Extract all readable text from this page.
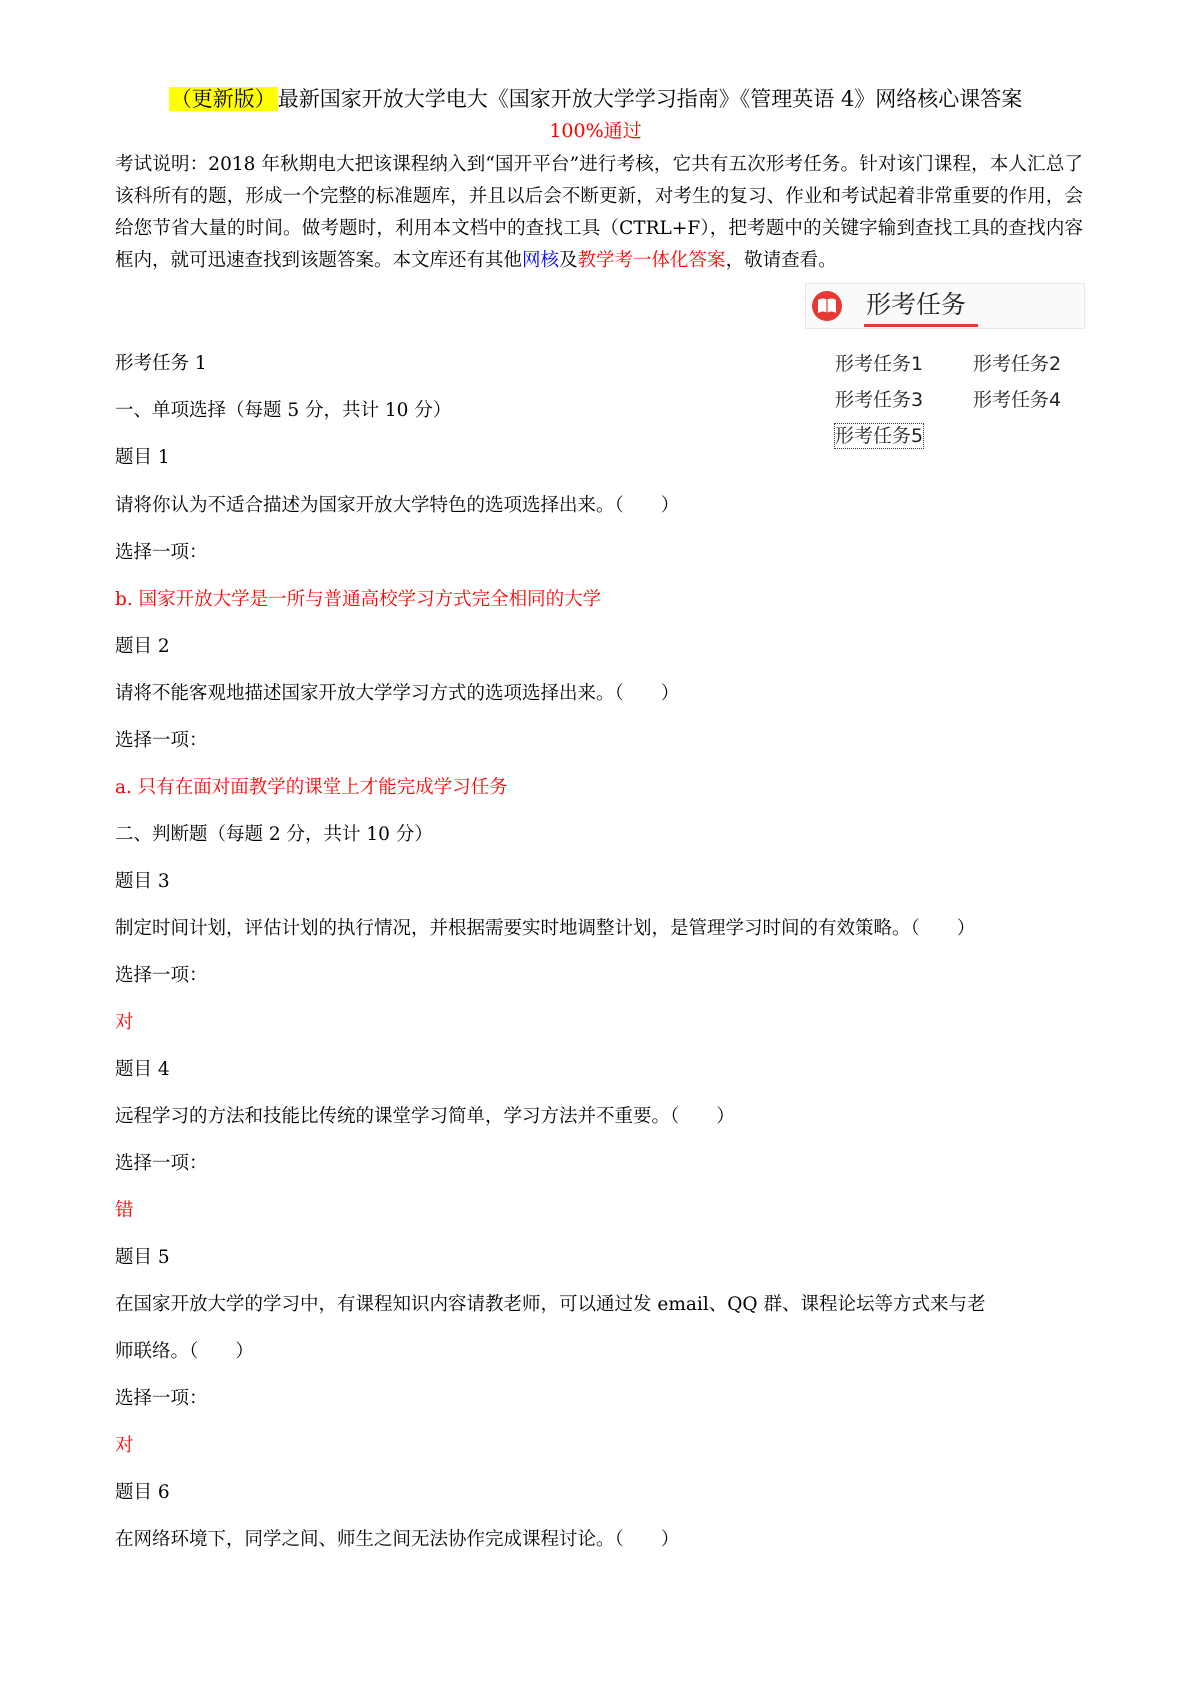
（更新版）最新国家开放大学电大《国家开放大学学习指南》《管理英语 4》网络核心课答案
100%通过
考试说明：2018 年秋期电大把该课程纳入到“国开平台”进行考核，它共有五次形考任务。针对该门课程，本人汇总了该科所有的题，形成一个完整的标准题库，并且以后会不断更新，对考生的复习、作业和考试起着非常重要的作用，会给您节省大量的时间。做考题时，利用本文档中的查找工具（CTRL+F），把考题中的关键字输到查找工具的查找内容框内，就可迅速查找到该题答案。本文库还有其他网核及教学考一体化答案，敬请查看。
形考任务
形考任务1	形考任务2
形考任务3	形考任务4
形考任务5
形考任务 1
一、单项选择（每题 5 分，共计 10 分）
题目 1
请将你认为不适合描述为国家开放大学特色的选项选择出来。（　　）
选择一项：
b. 国家开放大学是一所与普通高校学习方式完全相同的大学
题目 2
请将不能客观地描述国家开放大学学习方式的选项选择出来。（　　）
选择一项：
a. 只有在面对面教学的课堂上才能完成学习任务
二、判断题（每题 2 分，共计 10 分）
题目 3
制定时间计划，评估计划的执行情况，并根据需要实时地调整计划，是管理学习时间的有效策略。（　　）
选择一项：
对
题目 4
远程学习的方法和技能比传统的课堂学习简单，学习方法并不重要。（　　）
选择一项：
错
题目 5
在国家开放大学的学习中，有课程知识内容请教老师，可以通过发 email、QQ 群、课程论坛等方式来与老
师联络。（　　）
选择一项：
对
题目 6
在网络环境下，同学之间、师生之间无法协作完成课程讨论。（　　）
